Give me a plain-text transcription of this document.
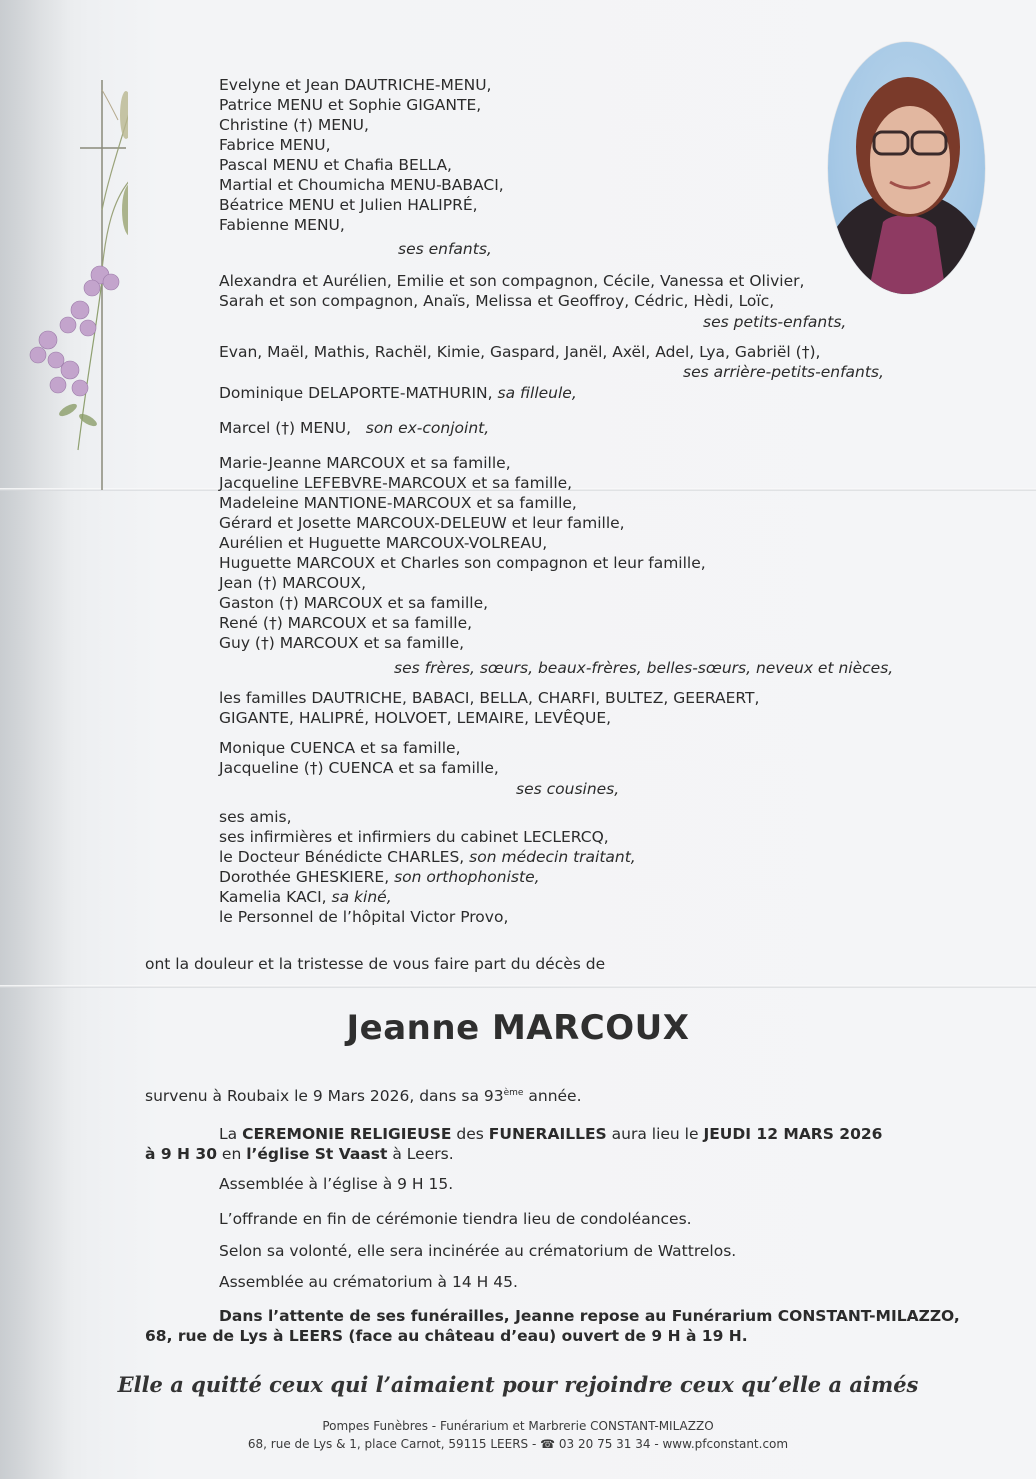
Evelyne et Jean DAUTRICHE-MENU,
Patrice MENU et Sophie GIGANTE,
Christine (†) MENU,
Fabrice MENU,
Pascal MENU et Chafia BELLA,
Martial et Choumicha MENU-BABACI,
Béatrice MENU et Julien HALIPRÉ,
Fabienne MENU,
ses enfants,
Alexandra et Aurélien, Emilie et son compagnon, Cécile, Vanessa et Olivier,
Sarah et son compagnon, Anaïs, Melissa et Geoffroy, Cédric, Hèdi, Loïc,
ses petits-enfants,
Evan, Maël, Mathis, Rachël, Kimie, Gaspard, Janël, Axël, Adel, Lya, Gabriël (†),
ses arrière-petits-enfants,
Dominique DELAPORTE-MATHURIN, sa filleule,
Marcel (†) MENU, son ex-conjoint,
Marie-Jeanne MARCOUX et sa famille,
Jacqueline LEFEBVRE-MARCOUX et sa famille,
Madeleine MANTIONE-MARCOUX et sa famille,
Gérard et Josette MARCOUX-DELEUW et leur famille,
Aurélien et Huguette MARCOUX-VOLREAU,
Huguette MARCOUX et Charles son compagnon et leur famille,
Jean (†) MARCOUX,
Gaston (†) MARCOUX et sa famille,
René (†) MARCOUX et sa famille,
Guy (†) MARCOUX et sa famille,
ses frères, sœurs, beaux-frères, belles-sœurs, neveux et nièces,
les familles DAUTRICHE, BABACI, BELLA, CHARFI, BULTEZ, GEERAERT,
GIGANTE, HALIPRÉ, HOLVOET, LEMAIRE, LEVÊQUE,
Monique CUENCA et sa famille,
Jacqueline (†) CUENCA et sa famille,
ses cousines,
ses amis,
ses infirmières et infirmiers du cabinet LECLERCQ,
le Docteur Bénédicte CHARLES, son médecin traitant,
Dorothée GHESKIERE, son orthophoniste,
Kamelia KACI, sa kiné,
le Personnel de l’hôpital Victor Provo,
ont la douleur et la tristesse de vous faire part du décès de
Jeanne MARCOUX
survenu à Roubaix le 9 Mars 2026, dans sa 93ème année.
La CEREMONIE RELIGIEUSE des FUNERAILLES aura lieu le JEUDI 12 MARS 2026
à 9 H 30 en l’église St Vaast à Leers.
Assemblée à l’église à 9 H 15.
L’offrande en fin de cérémonie tiendra lieu de condoléances.
Selon sa volonté, elle sera incinérée au crématorium de Wattrelos.
Assemblée au crématorium à 14 H 45.
Dans l’attente de ses funérailles, Jeanne repose au Funérarium CONSTANT-MILAZZO,
68, rue de Lys à LEERS (face au château d’eau) ouvert de 9 H à 19 H.
Elle a quitté ceux qui l’aimaient pour rejoindre ceux qu’elle a aimés
Pompes Funèbres - Funérarium et Marbrerie CONSTANT-MILAZZO
68, rue de Lys & 1, place Carnot, 59115 LEERS - ☎ 03 20 75 31 34 - www.pfconstant.com
